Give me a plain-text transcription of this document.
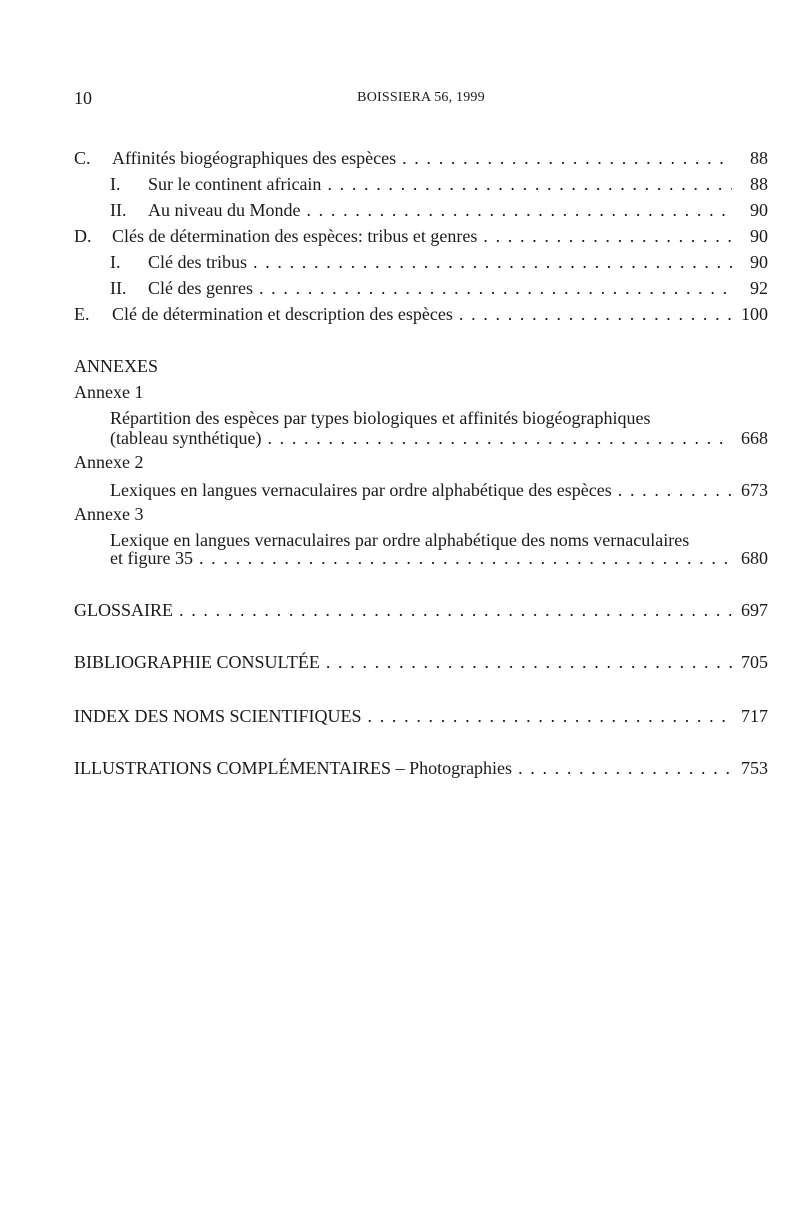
10	BOISSIERA 56, 1999
C. Affinités biogéographiques des espèces . . .	88
I. Sur le continent africain . . .	88
II. Au niveau du Monde . . .	90
D. Clés de détermination des espèces: tribus et genres . . .	90
I. Clé des tribus . . .	90
II. Clé des genres . . .	92
E. Clé de détermination et description des espèces . . .	100
ANNEXES
Annexe 1
Répartition des espèces par types biologiques et affinités biogéographiques
(tableau synthétique) . . .	668
Annexe 2
Lexiques en langues vernaculaires par ordre alphabétique des espèces . . .	673
Annexe 3
Lexique en langues vernaculaires par ordre alphabétique des noms vernaculaires
et figure 35 . . .	680
GLOSSAIRE . . .	697
BIBLIOGRAPHIE CONSULTÉE . . .	705
INDEX DES NOMS SCIENTIFIQUES . . .	717
ILLUSTRATIONS COMPLÉMENTAIRES – Photographies . . .	753
